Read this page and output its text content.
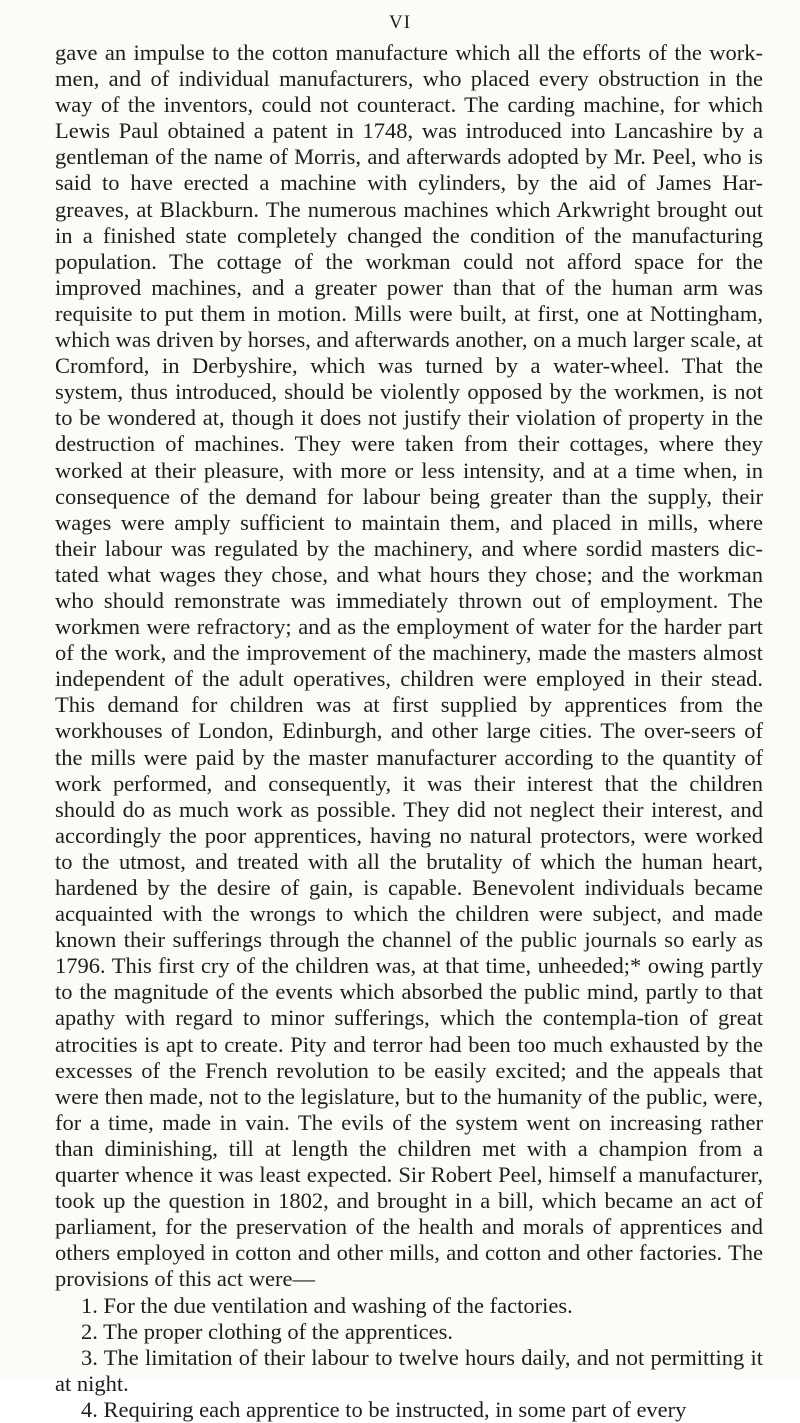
VI

gave an impulse to the cotton manufacture which all the efforts of the work-men, and of individual manufacturers, who placed every obstruction in the way of the inventors, could not counteract. The carding machine, for which Lewis Paul obtained a patent in 1748, was introduced into Lancashire by a gentleman of the name of Morris, and afterwards adopted by Mr. Peel, who is said to have erected a machine with cylinders, by the aid of James Har-greaves, at Blackburn. The numerous machines which Arkwright brought out in a finished state completely changed the condition of the manufacturing population. The cottage of the workman could not afford space for the improved machines, and a greater power than that of the human arm was requisite to put them in motion. Mills were built, at first, one at Nottingham, which was driven by horses, and afterwards another, on a much larger scale, at Cromford, in Derbyshire, which was turned by a water-wheel. That the system, thus introduced, should be violently opposed by the workmen, is not to be wondered at, though it does not justify their violation of property in the destruction of machines. They were taken from their cottages, where they worked at their pleasure, with more or less intensity, and at a time when, in consequence of the demand for labour being greater than the supply, their wages were amply sufficient to maintain them, and placed in mills, where their labour was regulated by the machinery, and where sordid masters dic-tated what wages they chose, and what hours they chose; and the workman who should remonstrate was immediately thrown out of employment. The workmen were refractory; and as the employment of water for the harder part of the work, and the improvement of the machinery, made the masters almost independent of the adult operatives, children were employed in their stead. This demand for children was at first supplied by apprentices from the workhouses of London, Edinburgh, and other large cities. The over-seers of the mills were paid by the master manufacturer according to the quantity of work performed, and consequently, it was their interest that the children should do as much work as possible. They did not neglect their interest, and accordingly the poor apprentices, having no natural protectors, were worked to the utmost, and treated with all the brutality of which the human heart, hardened by the desire of gain, is capable. Benevolent individuals became acquainted with the wrongs to which the children were subject, and made known their sufferings through the channel of the public journals so early as 1796. This first cry of the children was, at that time, unheeded;* owing partly to the magnitude of the events which absorbed the public mind, partly to that apathy with regard to minor sufferings, which the contempla-tion of great atrocities is apt to create. Pity and terror had been too much exhausted by the excesses of the French revolution to be easily excited; and the appeals that were then made, not to the legislature, but to the humanity of the public, were, for a time, made in vain. The evils of the system went on increasing rather than diminishing, till at length the children met with a champion from a quarter whence it was least expected. Sir Robert Peel, himself a manufacturer, took up the question in 1802, and brought in a bill, which became an act of parliament, for the preservation of the health and morals of apprentices and others employed in cotton and other mills, and cotton and other factories. The provisions of this act were—

1. For the due ventilation and washing of the factories.

2. The proper clothing of the apprentices.

3. The limitation of their labour to twelve hours daily, and not permitting it at night.

4. Requiring each apprentice to be instructed, in some part of every
